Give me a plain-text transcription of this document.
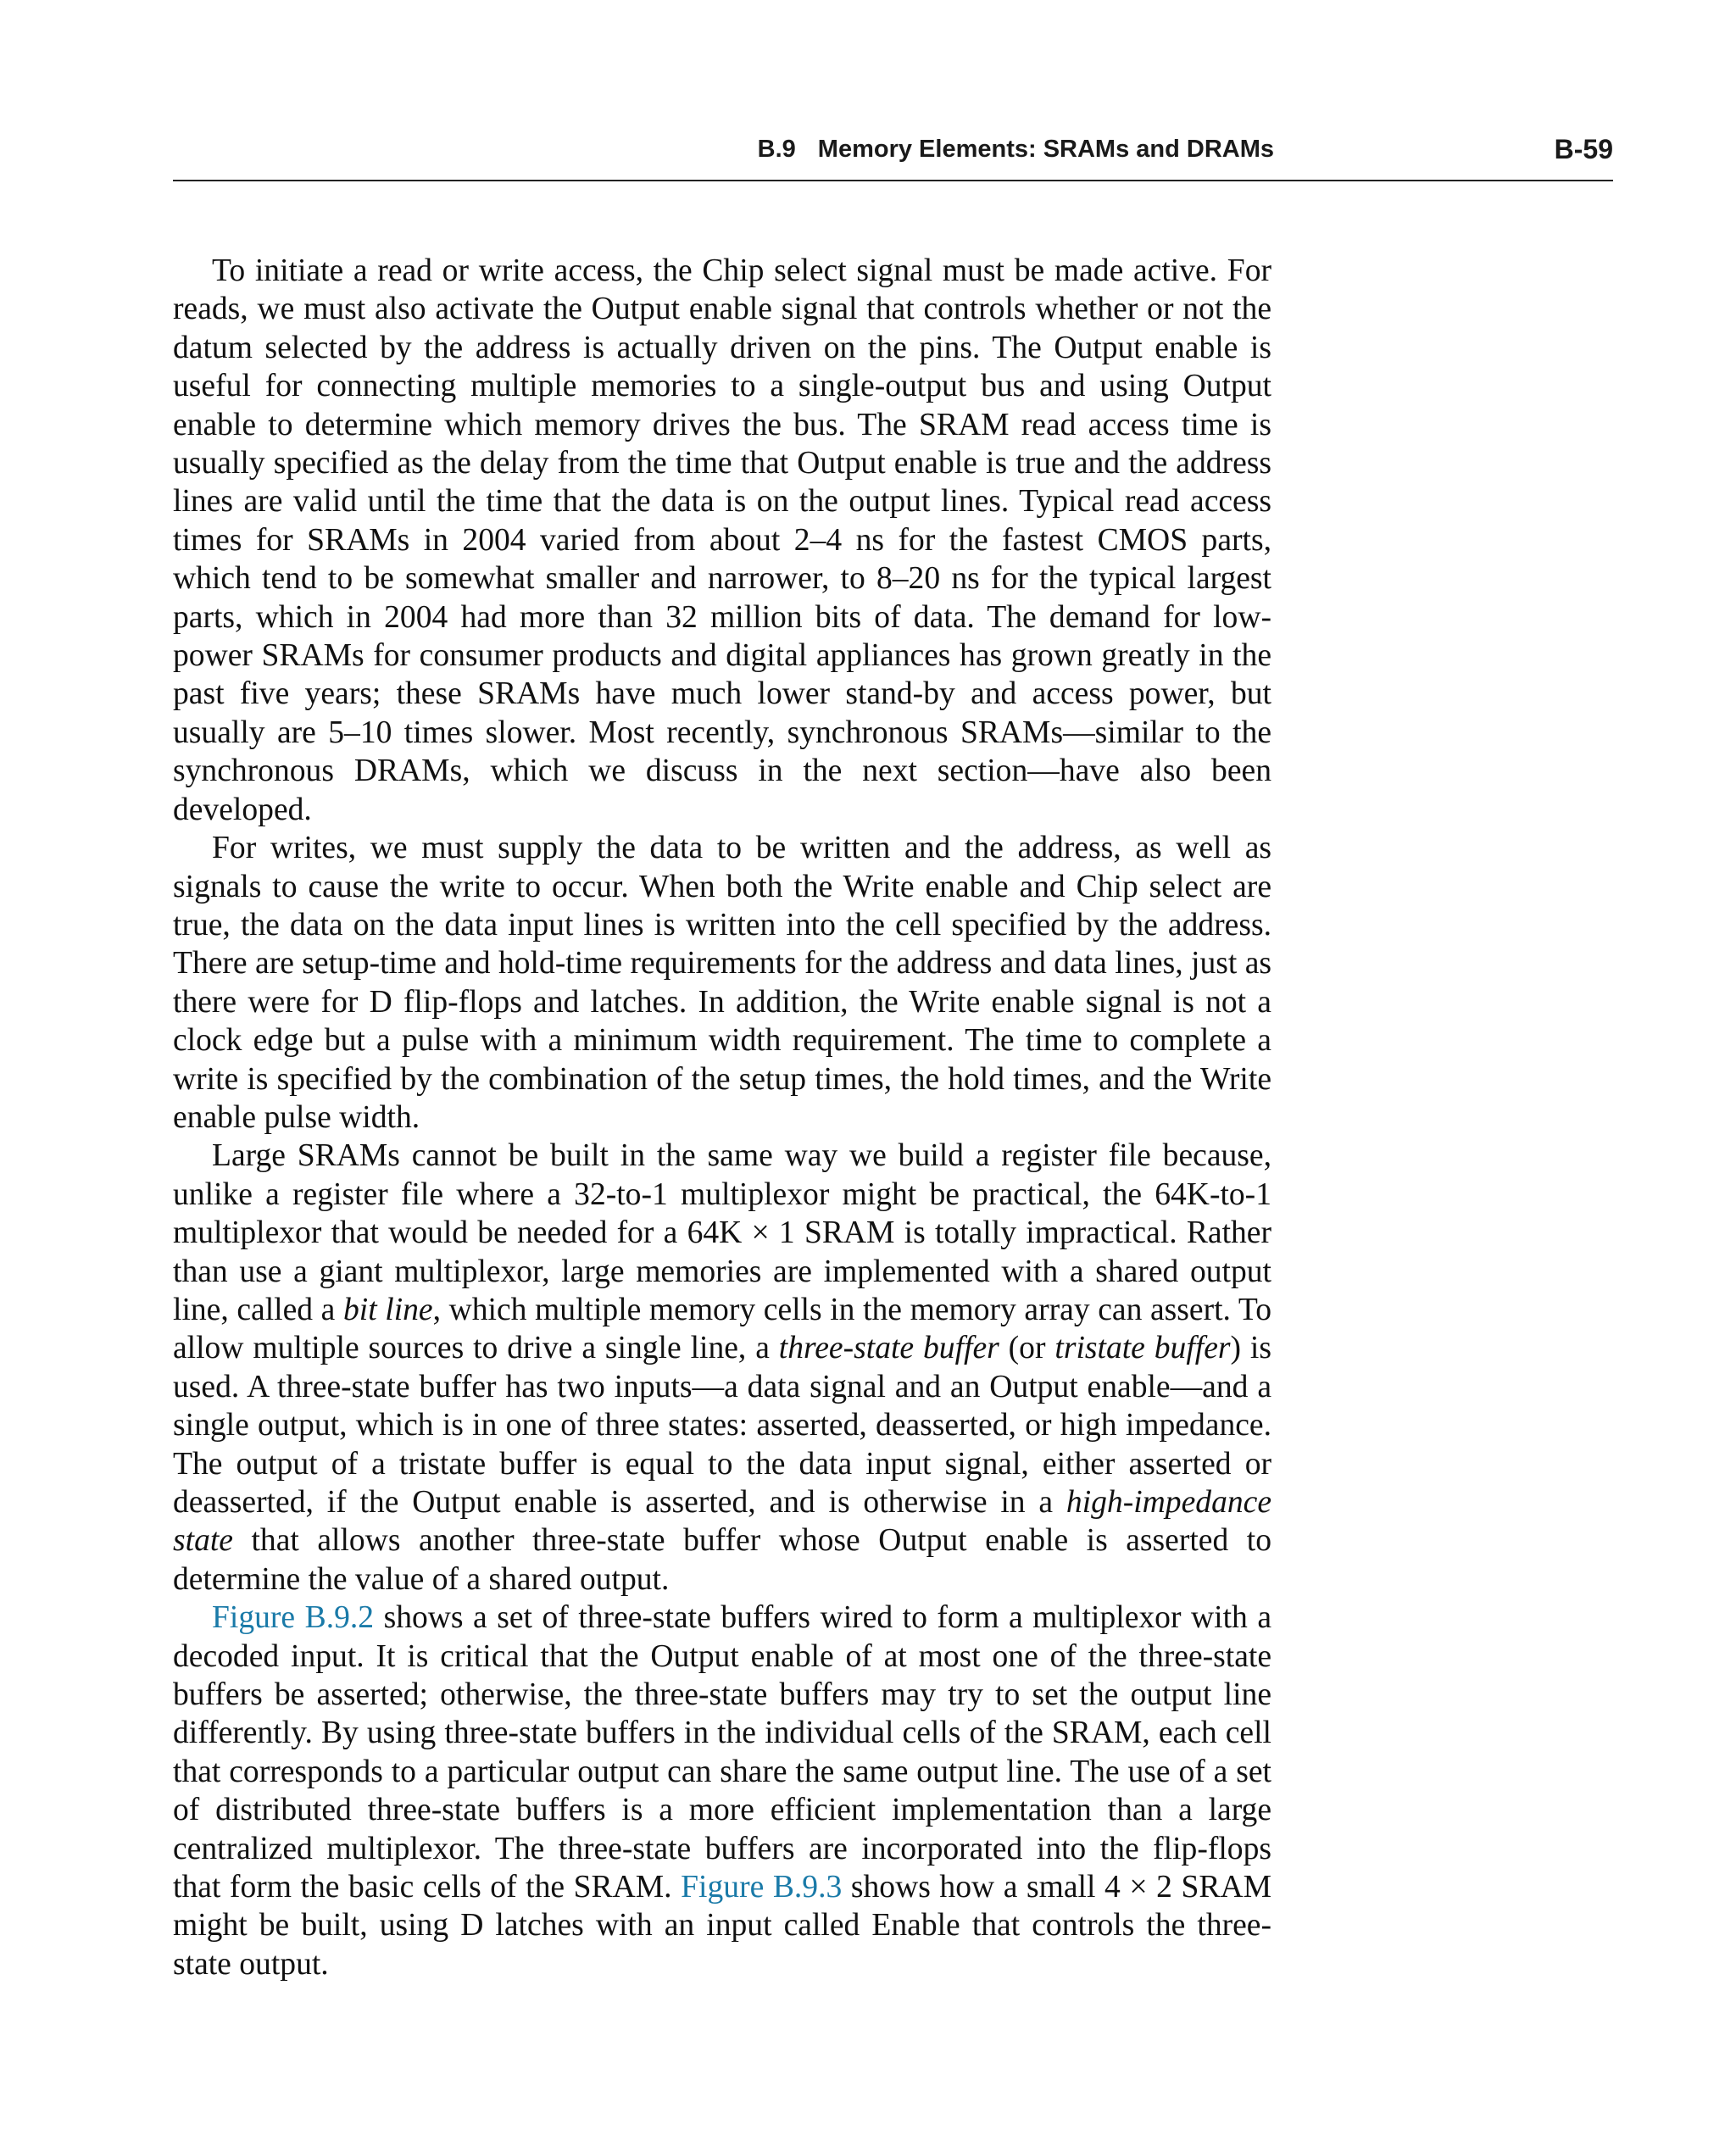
B.9 Memory Elements: SRAMs and DRAMs	B-59

To initiate a read or write access, the Chip select signal must be made active. For reads, we must also activate the Output enable signal that controls whether or not the datum selected by the address is actually driven on the pins. The Output enable is useful for connecting multiple memories to a single-output bus and using Output enable to determine which memory drives the bus. The SRAM read access time is usually specified as the delay from the time that Output enable is true and the address lines are valid until the time that the data is on the output lines. Typical read access times for SRAMs in 2004 varied from about 2–4 ns for the fastest CMOS parts, which tend to be somewhat smaller and narrower, to 8–20 ns for the typical largest parts, which in 2004 had more than 32 million bits of data. The demand for low-power SRAMs for consumer products and digital appliances has grown greatly in the past five years; these SRAMs have much lower stand-by and access power, but usually are 5–10 times slower. Most recently, synchronous SRAMs—similar to the synchronous DRAMs, which we discuss in the next section—have also been developed.

For writes, we must supply the data to be written and the address, as well as signals to cause the write to occur. When both the Write enable and Chip select are true, the data on the data input lines is written into the cell specified by the address. There are setup-time and hold-time requirements for the address and data lines, just as there were for D flip-flops and latches. In addition, the Write enable signal is not a clock edge but a pulse with a minimum width requirement. The time to complete a write is specified by the combination of the setup times, the hold times, and the Write enable pulse width.

Large SRAMs cannot be built in the same way we build a register file because, unlike a register file where a 32-to-1 multiplexor might be practical, the 64K-to-1 multiplexor that would be needed for a 64K × 1 SRAM is totally impractical. Rather than use a giant multiplexor, large memories are implemented with a shared output line, called a bit line, which multiple memory cells in the memory array can assert. To allow multiple sources to drive a single line, a three-state buffer (or tristate buffer) is used. A three-state buffer has two inputs—a data signal and an Output enable—and a single output, which is in one of three states: asserted, deasserted, or high impedance. The output of a tristate buffer is equal to the data input signal, either asserted or deasserted, if the Output enable is asserted, and is otherwise in a high-impedance state that allows another three-state buffer whose Output enable is asserted to determine the value of a shared output.

Figure B.9.2 shows a set of three-state buffers wired to form a multiplexor with a decoded input. It is critical that the Output enable of at most one of the three-state buffers be asserted; otherwise, the three-state buffers may try to set the output line differently. By using three-state buffers in the individual cells of the SRAM, each cell that corresponds to a particular output can share the same output line. The use of a set of distributed three-state buffers is a more efficient implementation than a large centralized multiplexor. The three-state buffers are incorporated into the flip-flops that form the basic cells of the SRAM. Figure B.9.3 shows how a small 4 × 2 SRAM might be built, using D latches with an input called Enable that controls the three-state output.
